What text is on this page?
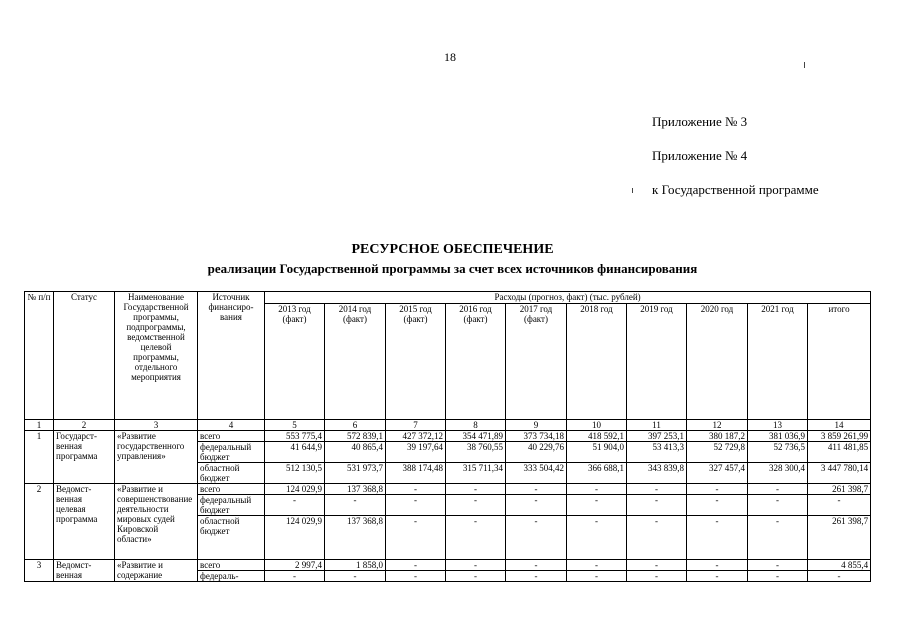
18
Приложение № 3
Приложение № 4
к Государственной программе
РЕСУРСНОЕ ОБЕСПЕЧЕНИЕ
реализации Государственной программы за счет всех источников финансирования
№ п/п	Статус	Наименование Государственной программы, подпрограммы, ведомственной целевой программы, отдельного мероприятия	Источник финансирования	Расходы (прогноз, факт) (тыс. рублей)									
				2013 год (факт)	2014 год (факт)	2015 год (факт)	2016 год (факт)	2017 год (факт)	2018 год	2019 год	2020 год	2021 год	итого
1	2	3	4	5	6	7	8	9	10	11	12	13	14
1	Государственная программа	«Развитие государственного управления»	всего	553 775,4	572 839,1	427 372,12	354 471,89	373 734,18	418 592,1	397 253,1	380 187,2	381 036,9	3 859 261,99
			федеральный бюджет	41 644,9	40 865,4	39 197,64	38 760,55	40 229,76	51 904,0	53 413,3	52 729,8	52 736,5	411 481,85
			областной бюджет	512 130,5	531 973,7	388 174,48	315 711,34	333 504,42	366 688,1	343 839,8	327 457,4	328 300,4	3 447 780,14
2	Ведомственная целевая программа	«Развитие и совершенствование деятельности мировых судей Кировской области»	всего	124 029,9	137 368,8	-	-	-	-	-	-	-	261 398,7
			федеральный бюджет	-	-	-	-	-	-	-	-	-	-
			областной бюджет	124 029,9	137 368,8	-	-	-	-	-	-	-	261 398,7
3	Ведомственная	«Развитие и содержание	всего	2 997,4	1 858,0	-	-	-	-	-	-	-	4 855,4
			федераль-	-	-	-	-	-	-	-	-	-	-
